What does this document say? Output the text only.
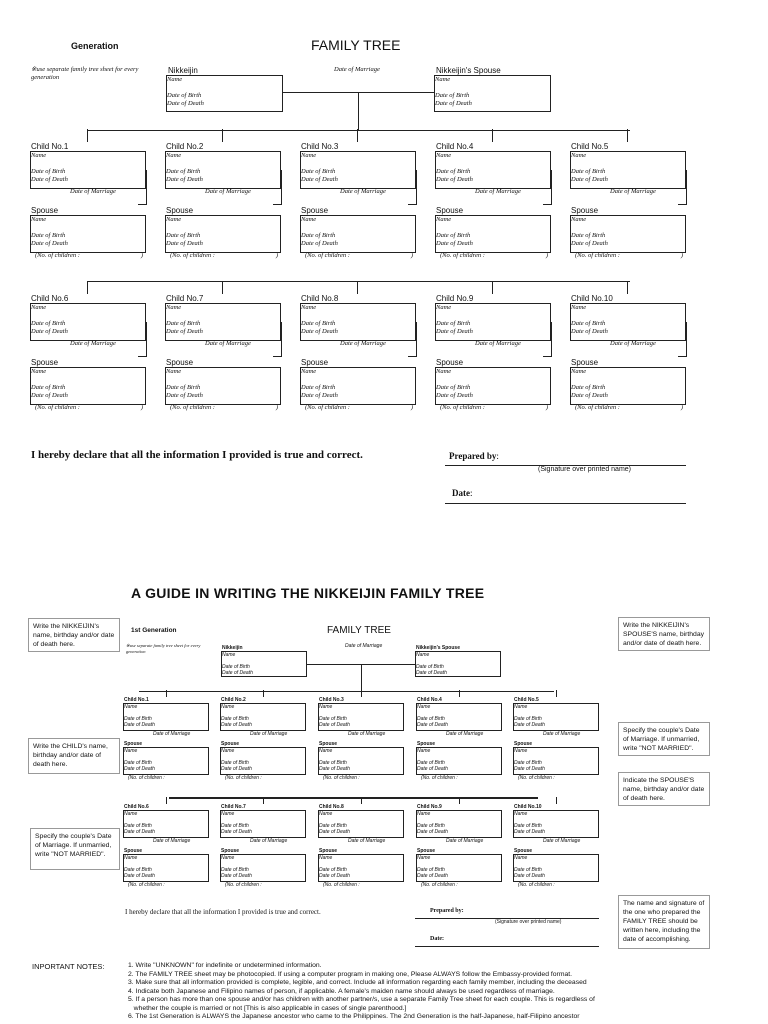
Generation	FAMILY TREE
※use separate family tree sheet for every generation
Nikkeijin
Name
Date of Birth
Date of Death
Date of Marriage	Nikkeijin's Spouse
Name
Date of Birth
Date of Death
Child No.1
Name
Date of Birth
Date of Death
Date of Marriage
Spouse
Name
Date of Birth
Date of Death
(No. of children :	)
Child No.2
Name
Date of Birth
Date of Death
Date of Marriage
Spouse
Name
Date of Birth
Date of Death
(No. of children :	)
Child No.3
Name
Date of Birth
Date of Death
Date of Marriage
Spouse
Name
Date of Birth
Date of Death
(No. of children :	)
Child No.4
Name
Date of Birth
Date of Death
Date of Marriage
Spouse
Name
Date of Birth
Date of Death
(No. of children :	)
Child No.5
Name
Date of Birth
Date of Death
Date of Marriage
Spouse
Name
Date of Birth
Date of Death
(No. of children :	)
Child No.6
Name
Date of Birth
Date of Death
Date of Marriage
Spouse
Name
Date of Birth
Date of Death
(No. of children :	)
Child No.7
Name
Date of Birth
Date of Death
Date of Marriage
Spouse
Name
Date of Birth
Date of Death
(No. of children :	)
Child No.8
Name
Date of Birth
Date of Death
Date of Marriage
Spouse
Name
Date of Birth
Date of Death
(No. of children :	)
Child No.9
Name
Date of Birth
Date of Death
Date of Marriage
Spouse
Name
Date of Birth
Date of Death
(No. of children :	)
Child No.10
Name
Date of Birth
Date of Death
Date of Marriage
Spouse
Name
Date of Birth
Date of Death
(No. of children :	)
I hereby declare that all the information I provided is true and correct.	Prepared by:
(Signature over printed name)
Date:
A GUIDE IN WRITING THE NIKKEIJIN FAMILY TREE
1st Generation	FAMILY TREE
※use separate family tree sheet for every generation
Nikkeijin
Name
Date of Birth
Date of Death
Date of Marriage	Nikkeijin's Spouse
Name
Date of Birth
Date of Death
Child No.1
Name
Date of Birth
Date of Death
Date of Marriage
Spouse
Name
Date of Birth
Date of Death
(No. of children :
Child No.2
Name
Date of Birth
Date of Death
Date of Marriage
Spouse
Name
Date of Birth
Date of Death
(No. of children :
Child No.3
Name
Date of Birth
Date of Death
Date of Marriage
Spouse
Name
Date of Birth
Date of Death
(No. of children :
Child No.4
Name
Date of Birth
Date of Death
Date of Marriage
Spouse
Name
Date of Birth
Date of Death
(No. of children :
Child No.5
Name
Date of Birth
Date of Death
Date of Marriage
Spouse
Name
Date of Birth
Date of Death
(No. of children :
Child No.6
Name
Date of Birth
Date of Death
Date of Marriage
Spouse
Name
Date of Birth
Date of Death
(No. of children :
Child No.7
Name
Date of Birth
Date of Death
Date of Marriage
Spouse
Name
Date of Birth
Date of Death
(No. of children :
Child No.8
Name
Date of Birth
Date of Death
Date of Marriage
Spouse
Name
Date of Birth
Date of Death
(No. of children :
Child No.9
Name
Date of Birth
Date of Death
Date of Marriage
Spouse
Name
Date of Birth
Date of Death
(No. of children :
Child No.10
Name
Date of Birth
Date of Death
Date of Marriage
Spouse
Name
Date of Birth
Date of Death
(No. of children :
I hereby declare that all the information I provided is true and correct.	Prepared by:
(Signature over printed name)
Date:
Write the NIKKEIJIN's name, birthday and/or date of death here.
Write the NIKKEIJIN's SPOUSE'S name, birthday and/or date of death here.
Write the CHILD's name, birthday and/or date of death here.
Specify the couple's Date of Marriage. If unmarried, write "NOT MARRIED".
Indicate the SPOUSE'S name, birthday and/or date of death here.
Specify the couple's Date of Marriage. If unmarried, write "NOT MARRIED".
The name and signature of the one who prepared the FAMILY TREE should be written here, including the date of accomplishing.
INPORTANT NOTES:	1. Write "UNKNOWN" for indefinite or undetermined information.
2. The FAMILY TREE sheet may be photocopied. If using a computer program in making one, Please ALWAYS follow the Embassy-provided format.
3. Make sure that all information provided is complete, legible, and correct. Include all information regarding each family member, including the deceased
4. Indicate both Japanese and Filipino names of person, if applicable. A female's maiden name should always be used regardless of marriage.
5. If a person has more than one spouse and/or has children with another partner/s, use a separate Family Tree sheet for each couple. This is regardless of
whether the couple is married or not [This is also applicable in cases of single parenthood.]
6. The 1st Generation is ALWAYS the Japanese ancestor who came to the Philippines. The 2nd Generation is the half-Japanese, half-Filipino ancestor
